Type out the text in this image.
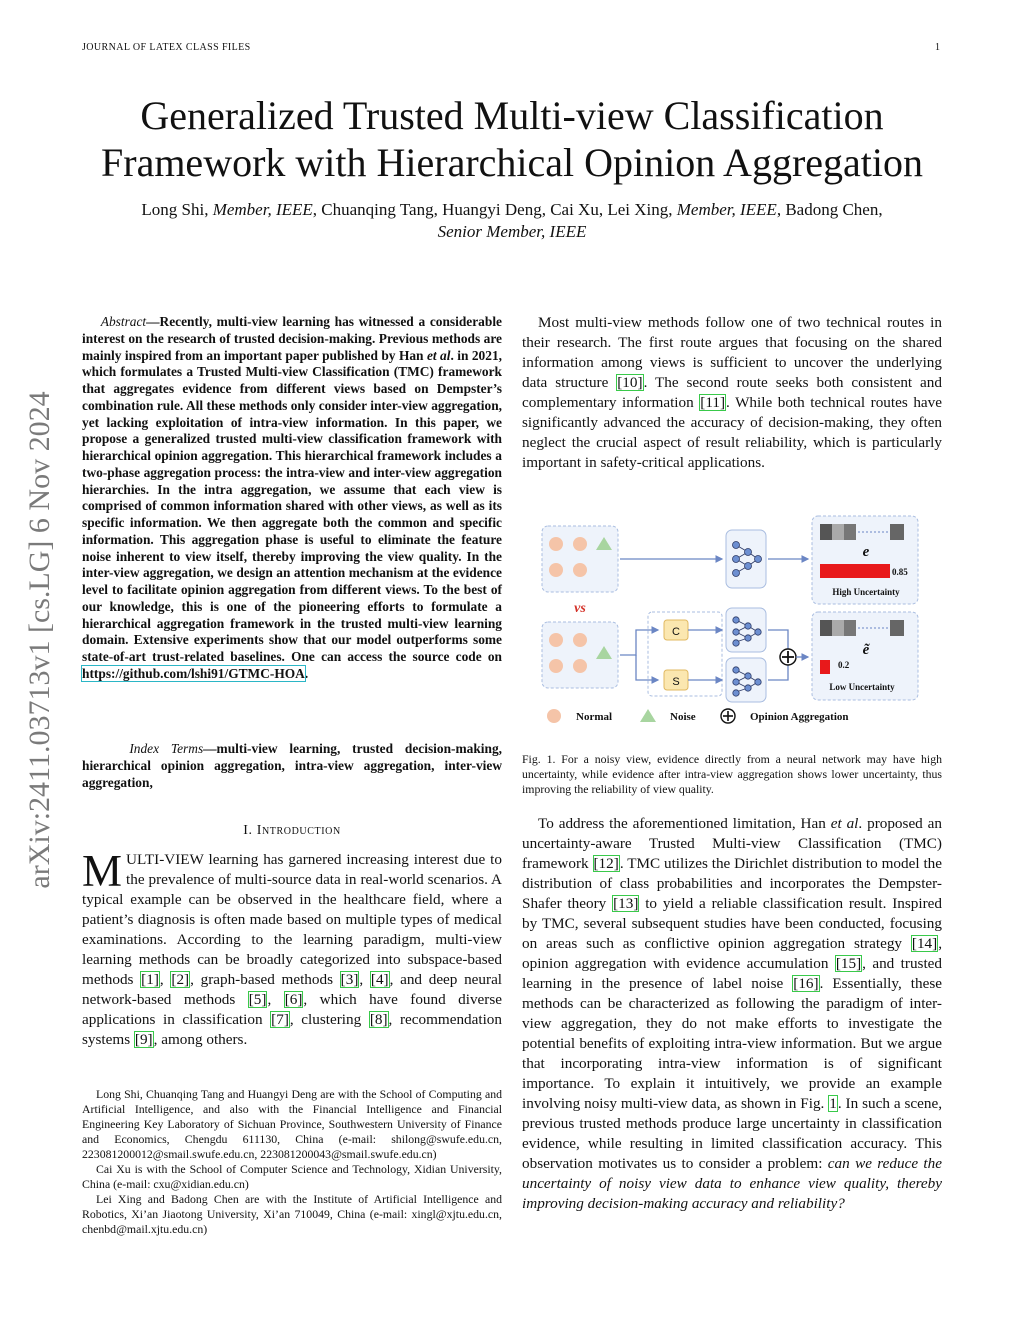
JOURNAL OF LATEX CLASS FILES	1
arXiv:2411.03713v1 [cs.LG] 6 Nov 2024
Generalized Trusted Multi-view Classification
Framework with Hierarchical Opinion Aggregation
Long Shi, Member, IEEE, Chuanqing Tang, Huangyi Deng, Cai Xu, Lei Xing, Member, IEEE, Badong Chen,
Senior Member, IEEE
Abstract—Recently, multi-view learning has witnessed a considerable interest on the research of trusted decision-making. Previous methods are mainly inspired from an important paper published by Han et al. in 2021, which formulates a Trusted Multi-view Classification (TMC) framework that aggregates evidence from different views based on Dempster’s combination rule. All these methods only consider inter-view aggregation, yet lacking exploitation of intra-view information. In this paper, we propose a generalized trusted multi-view classification framework with hierarchical opinion aggregation. This hierarchical framework includes a two-phase aggregation process: the intra-view and inter-view aggregation hierarchies. In the intra aggregation, we assume that each view is comprised of common information shared with other views, as well as its specific information. We then aggregate both the common and specific information. This aggregation phase is useful to eliminate the feature noise inherent to view itself, thereby improving the view quality. In the inter-view aggregation, we design an attention mechanism at the evidence level to facilitate opinion aggregation from different views. To the best of our knowledge, this is one of the pioneering efforts to formulate a hierarchical aggregation framework in the trusted multi-view learning domain. Extensive experiments show that our model outperforms some state-of-art trust-related baselines. One can access the source code on https://github.com/lshi91/GTMC-HOA.
Index Terms—multi-view learning, trusted decision-making, hierarchical opinion aggregation, intra-view aggregation, inter-view aggregation,
I. Introduction
MULTI-VIEW learning has garnered increasing interest due to the prevalence of multi-source data in real-world scenarios. A typical example can be observed in the healthcare field, where a patient’s diagnosis is often made based on multiple types of medical examinations. According to the learning paradigm, multi-view learning methods can be broadly categorized into subspace-based methods [1], [2], graph-based methods [3], [4], and deep neural network-based methods [5], [6], which have found diverse applications in classification [7], clustering [8], recommendation systems [9], among others.

Long Shi, Chuanqing Tang and Huangyi Deng are with the School of Computing and Artificial Intelligence, and also with the Financial Intelligence and Financial Engineering Key Laboratory of Sichuan Province, Southwestern University of Finance and Economics, Chengdu 611130, China (e-mail: shilong@swufe.edu.cn, 223081200012@smail.swufe.edu.cn, 223081200043@smail.swufe.edu.cn)

Cai Xu is with the School of Computer Science and Technology, Xidian University, China (e-mail: cxu@xidian.edu.cn)

Lei Xing and Badong Chen are with the Institute of Artificial Intelligence and Robotics, Xi’an Jiaotong University, Xi’an 710049, China (e-mail: xingl@xjtu.edu.cn, chenbd@mail.xjtu.edu.cn)

Most multi-view methods follow one of two technical routes in their research. The first route argues that focusing on the shared information among views is sufficient to uncover the underlying data structure [10]. The second route seeks both consistent and complementary information [11]. While both technical routes have significantly advanced the accuracy of decision-making, they often neglect the crucial aspect of result reliability, which is particularly important in safety-critical applications.

e
0.85
High Uncertainty
vs
C
S
ẽ
0.2
Low Uncertainty
Normal	Noise	Opinion Aggregation
Fig. 1. For a noisy view, evidence directly from a neural network may have high uncertainty, while evidence after intra-view aggregation shows lower uncertainty, thus improving the reliability of view quality.

To address the aforementioned limitation, Han et al. proposed an uncertainty-aware Trusted Multi-view Classification (TMC) framework [12]. TMC utilizes the Dirichlet distribution to model the distribution of class probabilities and incorporates the Dempster-Shafer theory [13] to yield a reliable classification result. Inspired by TMC, several subsequent studies have been conducted, focusing on areas such as conflictive opinion aggregation strategy [14], opinion aggregation with evidence accumulation [15], and trusted learning in the presence of label noise [16]. Essentially, these methods can be characterized as following the paradigm of inter-view aggregation, they do not make efforts to investigate the potential benefits of exploiting intra-view information. But we argue that incorporating intra-view information is of significant importance. To explain it intuitively, we provide an example involving noisy multi-view data, as shown in Fig. 1. In such a scene, previous trusted methods produce large uncertainty in classification evidence, while resulting in limited classification accuracy. This observation motivates us to consider a problem: can we reduce the uncertainty of noisy view data to enhance view quality, thereby improving decision-making accuracy and reliability?
